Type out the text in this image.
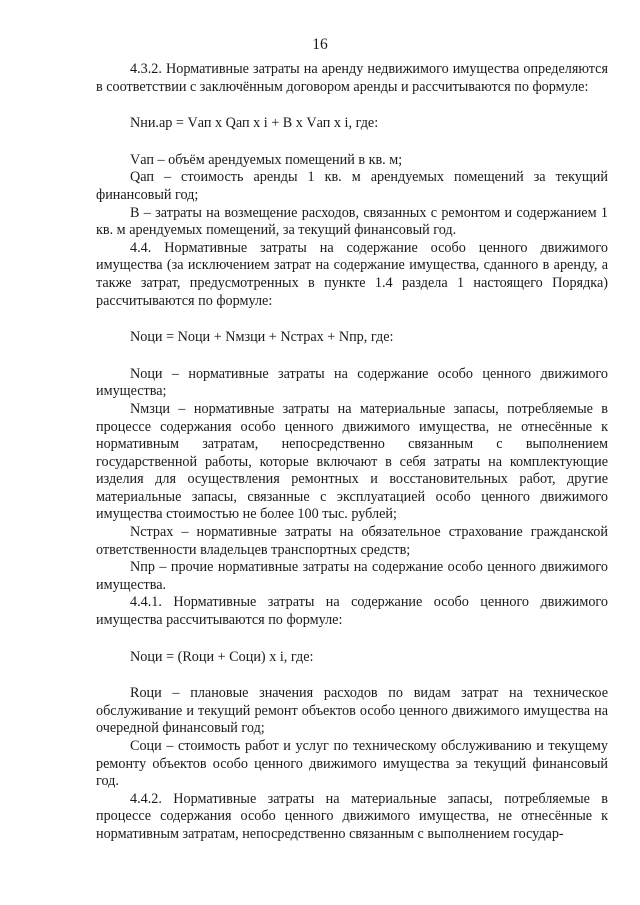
16

4.3.2. Нормативные затраты на аренду недвижимого имущества определяются в соответствии с заключённым договором аренды и рассчитываются по формуле:

Nни.ар = Vап х Qап х i + В х Vап х i, где:

Vап – объём арендуемых помещений в кв. м;

Qап – стоимость аренды 1 кв. м арендуемых помещений за текущий финансовый год;

В – затраты на возмещение расходов, связанных с ремонтом и содержанием 1 кв. м арендуемых помещений, за текущий финансовый год.

4.4. Нормативные затраты на содержание особо ценного движимого имущества (за исключением затрат на содержание имущества, сданного в аренду, а также затрат, предусмотренных в пункте 1.4 раздела 1 настоящего Порядка) рассчитываются по формуле:

Nоци = Nоци + Nмзци + Nстрах + Nпр, где:

Nоци – нормативные затраты на содержание особо ценного движимого имущества;

Nмзци – нормативные затраты на материальные запасы, потребляемые в процессе содержания особо ценного движимого имущества, не отнесённые к нормативным затратам, непосредственно связанным с выполнением государственной работы, которые включают в себя затраты на комплектующие изделия для осуществления ремонтных и восстановительных работ, другие материальные запасы, связанные с эксплуатацией особо ценного движимого имущества стоимостью не более 100 тыс. рублей;

Nстрах – нормативные затраты на обязательное страхование гражданской ответственности владельцев транспортных средств;

Nпр – прочие нормативные затраты на содержание особо ценного движимого имущества.

4.4.1. Нормативные затраты на содержание особо ценного движимого имущества рассчитываются по формуле:

Nоци = (Rоци + Соци) х i, где:

Rоци – плановые значения расходов по видам затрат на техническое обслуживание и текущий ремонт объектов особо ценного движимого имущества на очередной финансовый год;

Соци – стоимость работ и услуг по техническому обслуживанию и текущему ремонту объектов особо ценного движимого имущества за текущий финансовый год.

4.4.2. Нормативные затраты на материальные запасы, потребляемые в процессе содержания особо ценного движимого имущества, не отнесённые к нормативным затратам, непосредственно связанным с выполнением государ-
